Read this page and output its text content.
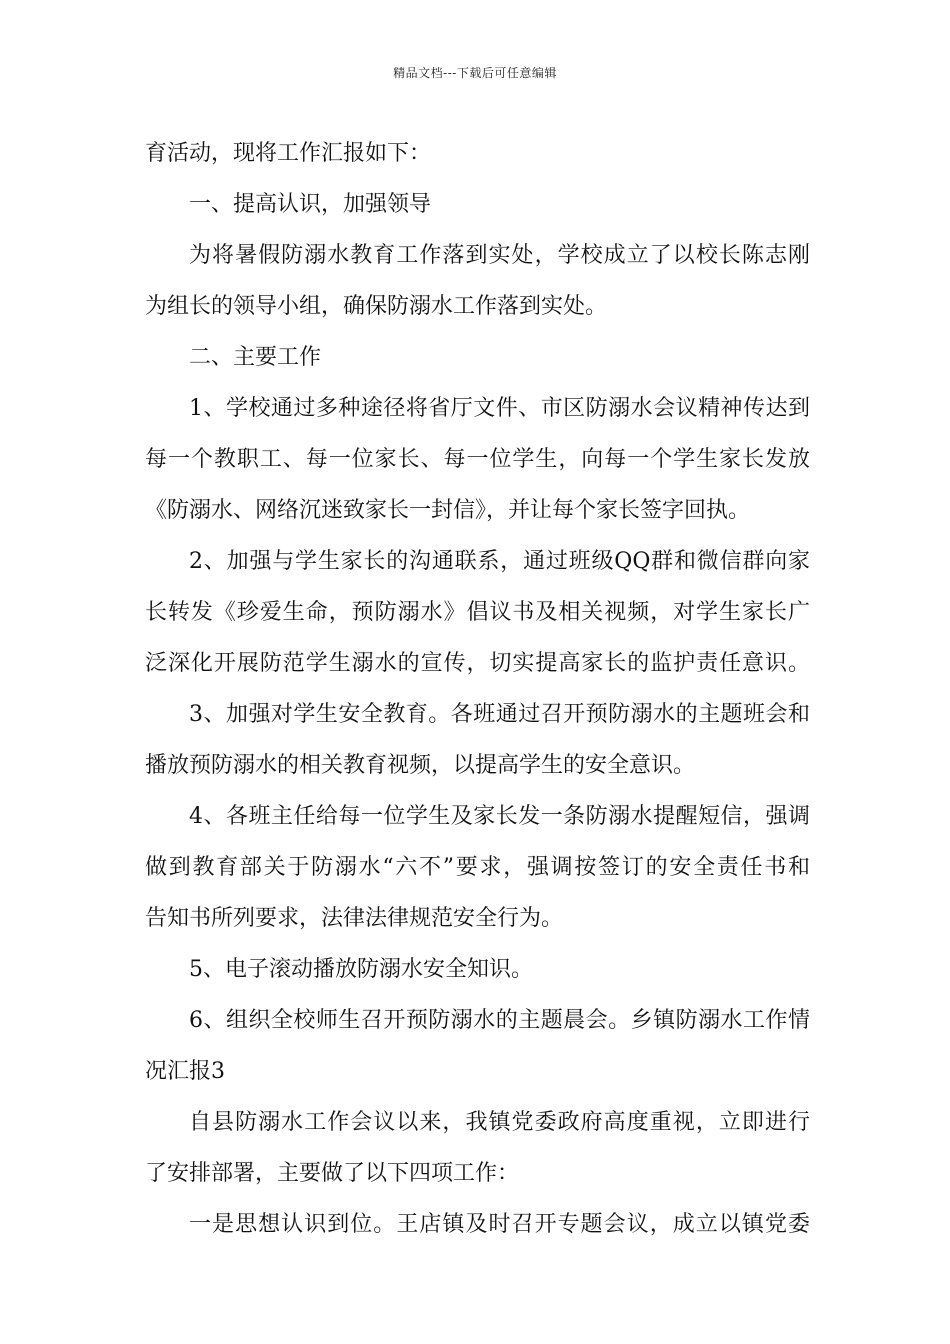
精品文档---下载后可任意编辑
育活动，现将工作汇报如下：
一、提高认识，加强领导
为将暑假防溺水教育工作落到实处，学校成立了以校长陈志刚
为组长的领导小组，确保防溺水工作落到实处。
二、主要工作
1、学校通过多种途径将省厅文件、市区防溺水会议精神传达到
每一个教职工、每一位家长、每一位学生，向每一个学生家长发放
《防溺水、网络沉迷致家长一封信》，并让每个家长签字回执。
2、加强与学生家长的沟通联系，通过班级QQ群和微信群向家
长转发《珍爱生命，预防溺水》倡议书及相关视频，对学生家长广
泛深化开展防范学生溺水的宣传，切实提高家长的监护责任意识。
3、加强对学生安全教育。各班通过召开预防溺水的主题班会和
播放预防溺水的相关教育视频，以提高学生的安全意识。
4、各班主任给每一位学生及家长发一条防溺水提醒短信，强调
做到教育部关于防溺水“六不”要求，强调按签订的安全责任书和
告知书所列要求，法律法律规范安全行为。
5、电子滚动播放防溺水安全知识。
6、组织全校师生召开预防溺水的主题晨会。乡镇防溺水工作情
况汇报3
自县防溺水工作会议以来，我镇党委政府高度重视，立即进行
了安排部署，主要做了以下四项工作：
一是思想认识到位。王店镇及时召开专题会议，成立以镇党委
